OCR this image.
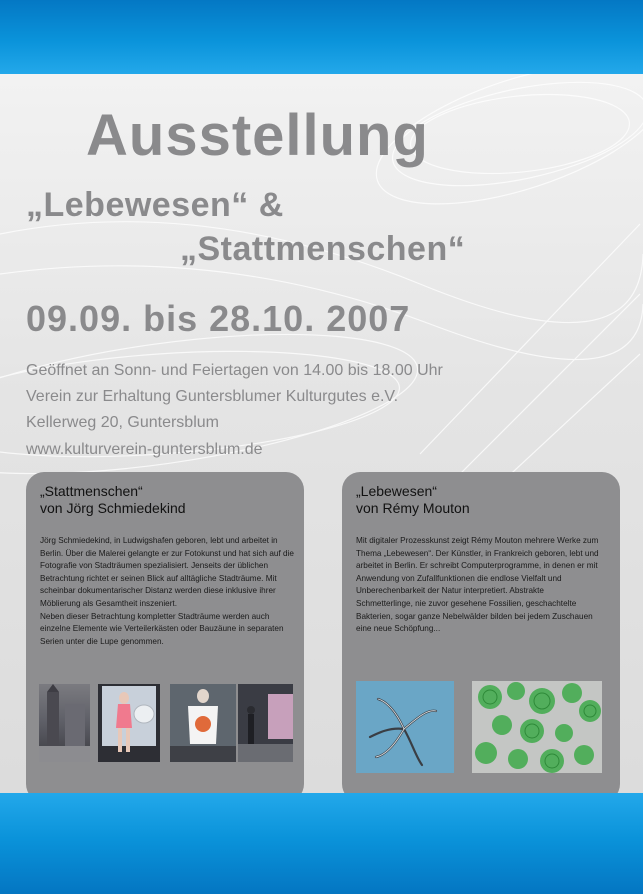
Ausstellung
„Lebewesen“ &
„Stattmenschen“
09.09. bis 28.10. 2007
Geöffnet an Sonn- und Feiertagen von 14.00 bis 18.00 Uhr
Verein zur Erhaltung Guntersblumer Kulturgutes e.V.
Kellerweg 20, Guntersblum
www.kulturverein-guntersblum.de
„Stattmenschen“
von Jörg Schmiedekind

Jörg Schmiedekind, in Ludwigshafen geboren, lebt und arbeitet in Berlin. Über die Malerei gelangte er zur Fotokunst und hat sich auf die Fotografie von Stadträumen spezialisiert. Jenseits der üblichen Betrachtung richtet er seinen Blick auf alltägliche Stadträume. Mit scheinbar dokumentarischer Distanz werden diese inklusive ihrer Möblierung als Gesamtheit inszeniert.
Neben dieser Betrachtung kompletter Stadträume werden auch einzelne Elemente wie Verteilerkästen oder Bauzäune in separaten Serien unter die Lupe genommen.

„Lebewesen“
von Rémy Mouton

Mit digitaler Prozesskunst zeigt Rémy Mouton mehrere Werke zum Thema „Lebewesen“. Der Künstler, in Frankreich geboren, lebt und arbeitet in Berlin. Er schreibt Computerprogramme, in denen er mit Anwendung von Zufallfunktionen die endlose Vielfalt und Unberechenbarkeit der Natur interpretiert. Abstrakte Schmetterlinge, nie zuvor gesehene Fossilien, geschachtelte Bakterien, sogar ganze Nebelwälder bilden bei jedem Zuschauen eine neue Schöpfung...
